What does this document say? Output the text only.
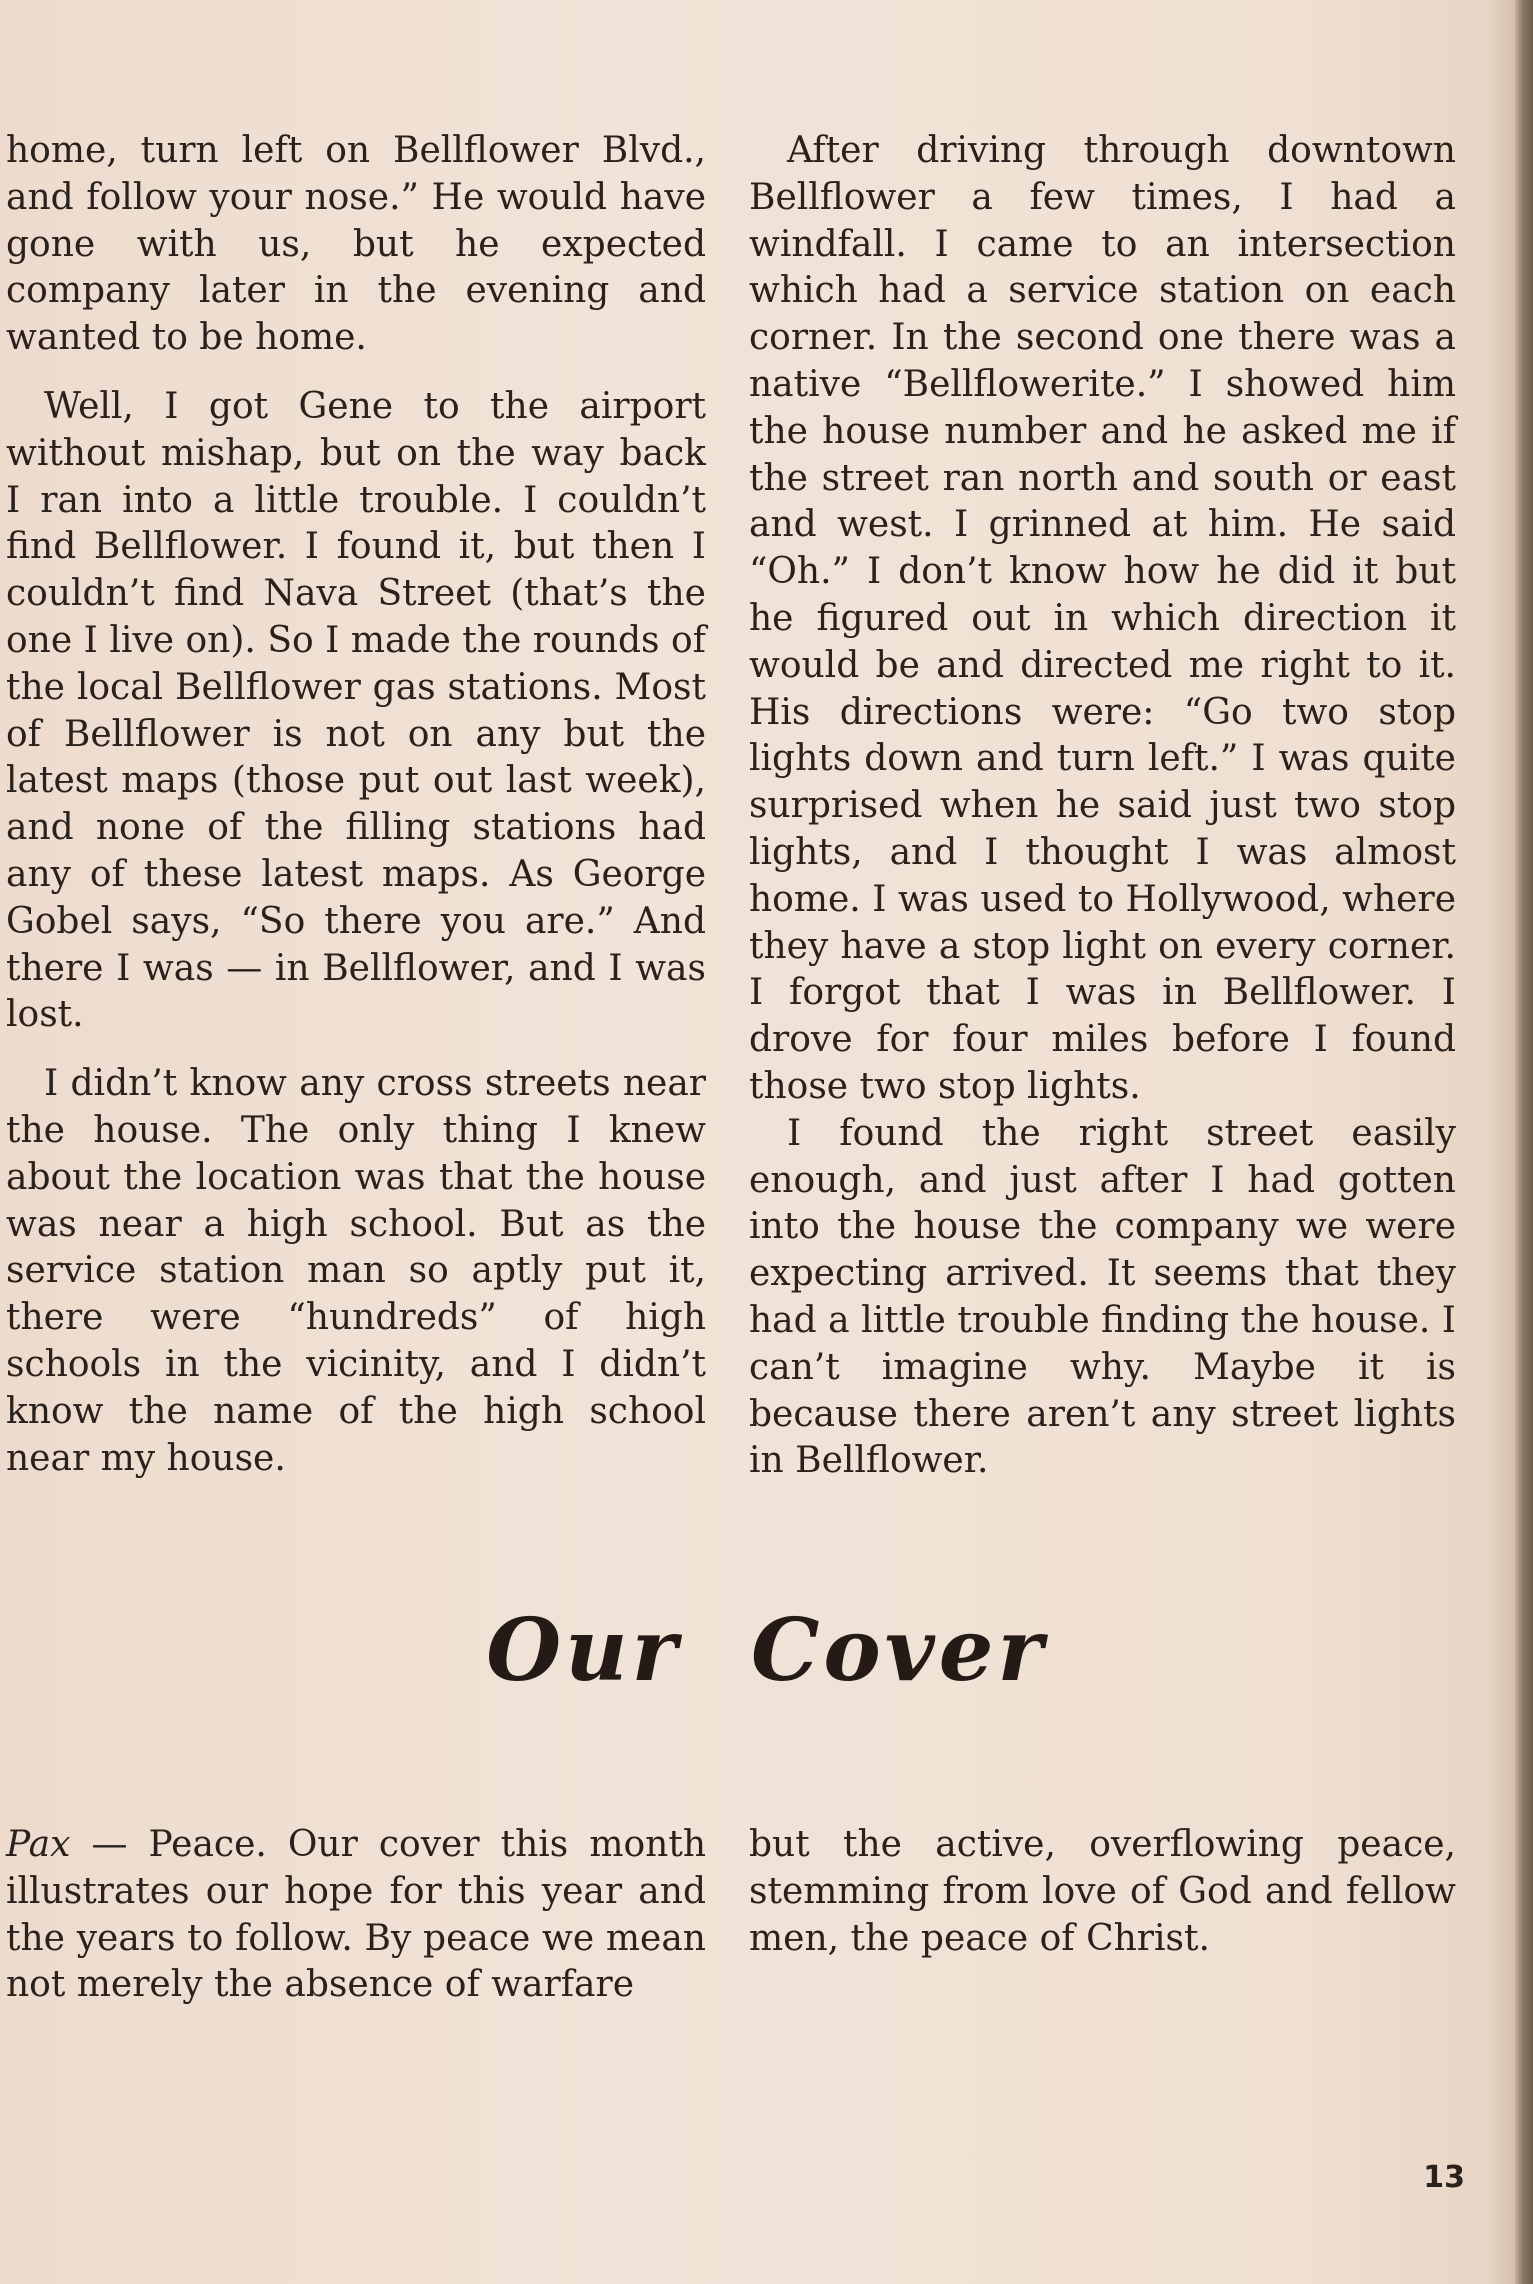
home, turn left on Bellflower Blvd., and follow your nose.” He would have gone with us, but he expected company later in the evening and wanted to be home.

Well, I got Gene to the airport without mishap, but on the way back I ran into a little trouble. I couldn’t find Bellflower. I found it, but then I couldn’t find Nava Street (that’s the one I live on). So I made the rounds of the local Bellflower gas stations. Most of Bellflower is not on any but the latest maps (those put out last week), and none of the filling stations had any of these latest maps. As George Gobel says, “So there you are.” And there I was — in Bellflower, and I was lost.

I didn’t know any cross streets near the house. The only thing I knew about the location was that the house was near a high school. But as the service station man so aptly put it, there were “hundreds” of high schools in the vicinity, and I didn’t know the name of the high school near my house.

After driving through downtown Bellflower a few times, I had a windfall. I came to an intersection which had a service station on each corner. In the second one there was a native “Bellflowerite.” I showed him the house number and he asked me if the street ran north and south or east and west. I grinned at him. He said “Oh.” I don’t know how he did it but he figured out in which direction it would be and directed me right to it. His directions were: “Go two stop lights down and turn left.” I was quite surprised when he said just two stop lights, and I thought I was almost home. I was used to Hollywood, where they have a stop light on every corner. I forgot that I was in Bellflower. I drove for four miles before I found those two stop lights.

I found the right street easily enough, and just after I had gotten into the house the company we were expecting arrived. It seems that they had a little trouble finding the house. I can’t imagine why. Maybe it is because there aren’t any street lights in Bellflower.

Our Cover

Pax — Peace. Our cover this month illustrates our hope for this year and the years to follow. By peace we mean not merely the absence of warfare

but the active, overflowing peace, stemming from love of God and fellow men, the peace of Christ.

13
